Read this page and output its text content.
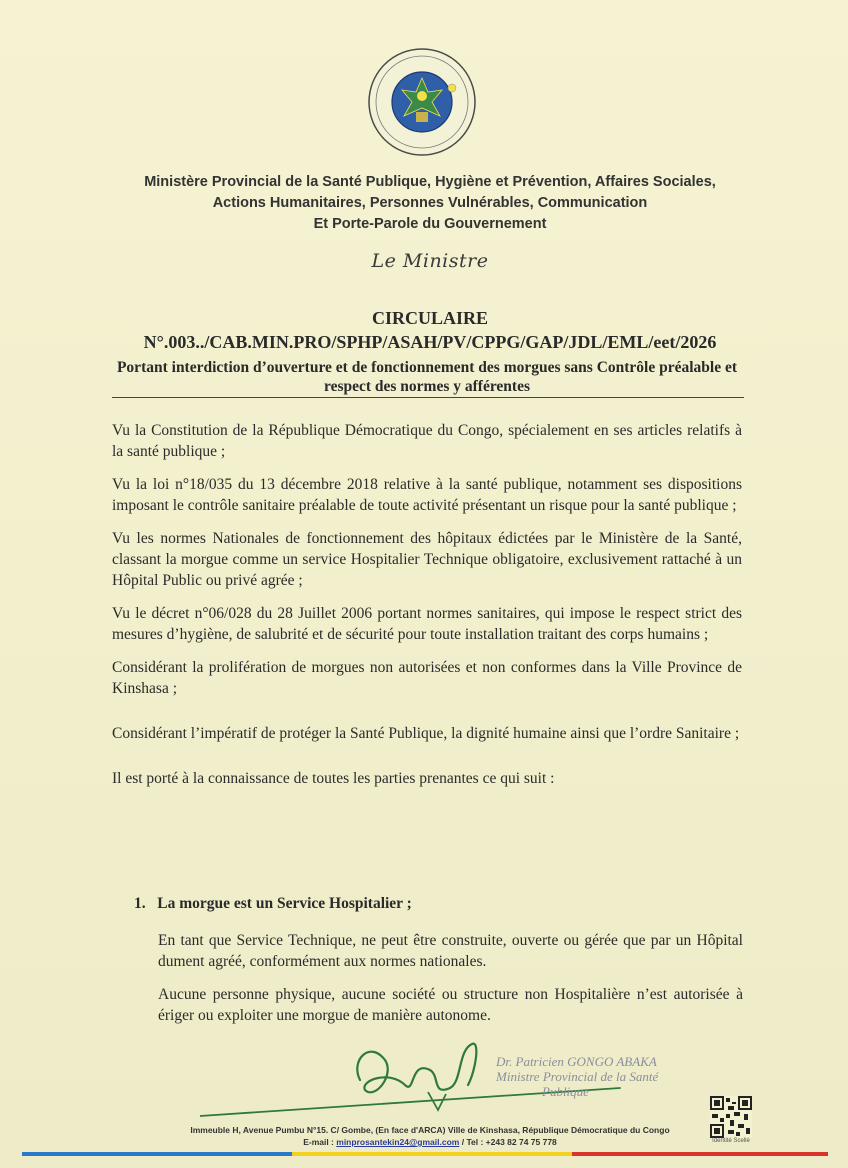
Ministère Provincial de la Santé Publique, Hygiène et Prévention, Affaires Sociales,
Actions Humanitaires, Personnes Vulnérables, Communication
Et Porte-Parole du Gouvernement
Le Ministre
CIRCULAIRE
N°.003../CAB.MIN.PRO/SPHP/ASAH/PV/CPPG/GAP/JDL/EML/eet/2026
Portant interdiction d’ouverture et de fonctionnement des morgues sans Contrôle préalable et respect des normes y afférentes

Vu la Constitution de la République Démocratique du Congo, spécialement en ses articles relatifs à la santé publique ;

Vu la loi n°18/035 du 13 décembre 2018 relative à la santé publique, notamment ses dispositions imposant le contrôle sanitaire préalable de toute activité présentant un risque pour la santé publique ;

Vu les normes Nationales de fonctionnement des hôpitaux édictées par le Ministère de la Santé, classant la morgue comme un service Hospitalier Technique obligatoire, exclusivement rattaché à un Hôpital Public ou privé agrée ;

Vu le décret n°06/028 du 28 Juillet 2006 portant normes sanitaires, qui impose le respect strict des mesures d’hygiène, de salubrité et de sécurité pour toute installation traitant des corps humains ;

Considérant la prolifération de morgues non autorisées et non conformes dans la Ville Province de Kinshasa ;

Considérant l’impératif de protéger la Santé Publique, la dignité humaine ainsi que l’ordre Sanitaire ;

Il est porté à la connaissance de toutes les parties prenantes ce qui suit :

1. La morgue est un Service Hospitalier ;

En tant que Service Technique, ne peut être construite, ouverte ou gérée que par un Hôpital dument agréé, conformément aux normes nationales.

Aucune personne physique, aucune société ou structure non Hospitalière n’est autorisée à ériger ou exploiter une morgue de manière autonome.

Dr. Patricien GONGO ABAKA
Ministre Provincial de la Santé
Publique
Immeuble H, Avenue Pumbu N°15. C/ Gombe, (En face d'ARCA) Ville de Kinshasa, République Démocratique du Congo
E-mail : minprosantekin24@gmail.com / Tel : +243 82 74 75 778	Identité Scellé
